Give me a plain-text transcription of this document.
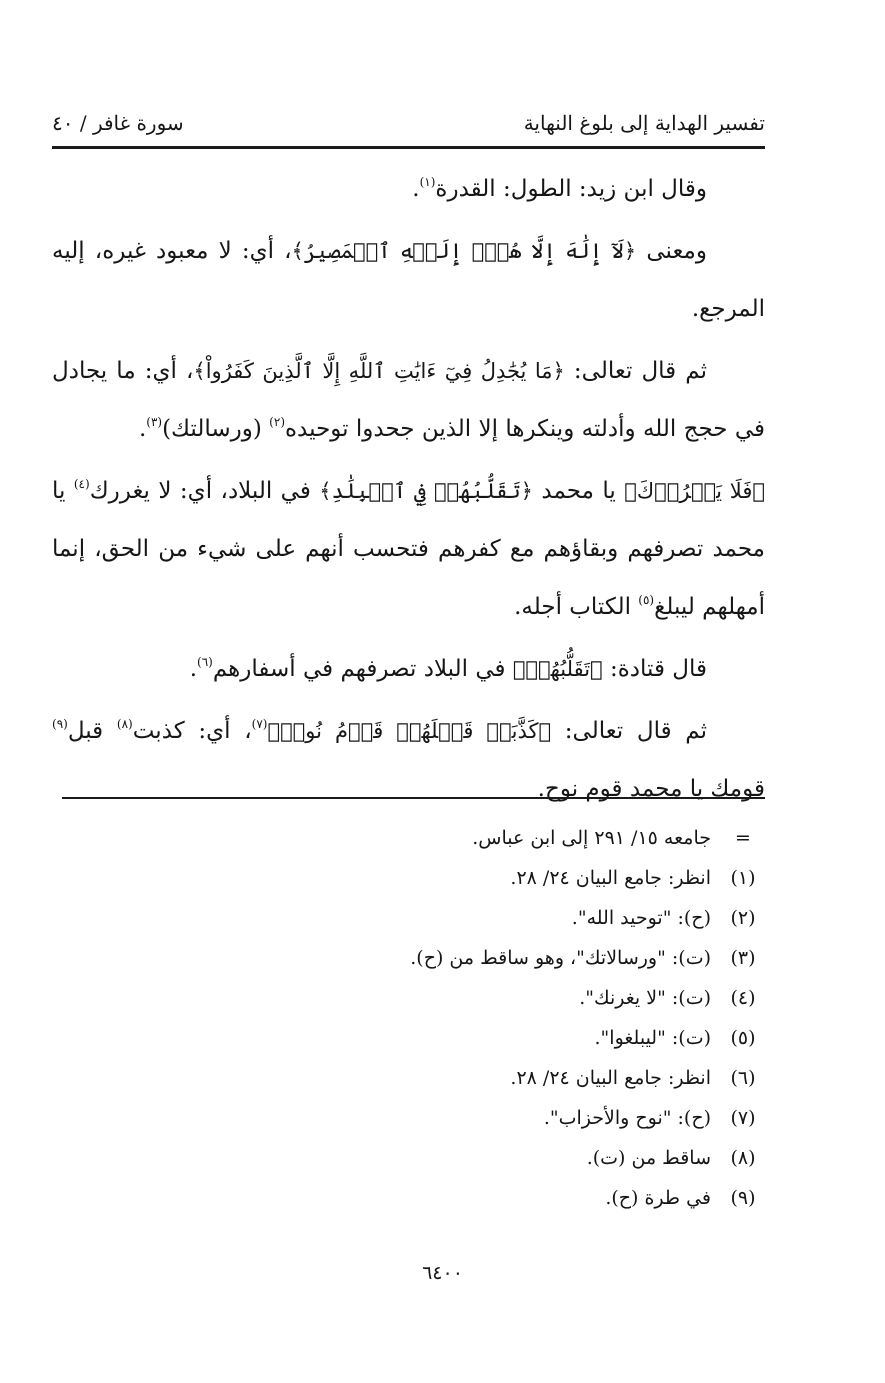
تفسير الهداية إلى بلوغ النهاية
سورة غافر / ٤٠

وقال ابن زيد: الطول: القدرة$^{(١)}$.

ومعنى ﴿لَآ إِلَٰهَ إِلَّا هُوَۖ إِلَيۡهِ ٱلۡمَصِيرُ﴾، أي: لا معبود غيره، إليه المرجع.

ثم قال تعالى: ﴿مَا يُجَٰدِلُ فِيٓ ءَايَٰتِ ٱللَّهِ إِلَّا ٱلَّذِينَ كَفَرُواْ﴾، أي: ما يجادل في حجج الله وأدلته وينكرها إلا الذين جحدوا توحيده$^{(٢)}$ (ورسالتك)$^{(٣)}$.

﴿فَلَا يَغۡرُرۡكَ﴾ يا محمد ﴿تَقَلُّبُهُمۡ فِي ٱلۡبِلَٰدِ﴾ في البلاد، أي: لا يغررك$^{(٤)}$ يا محمد تصرفهم وبقاؤهم مع كفرهم فتحسب أنهم على شيء من الحق، إنما أمهلهم ليبلغ$^{(٥)}$ الكتاب أجله.

قال قتادة: ﴿تَقَلُّبُهُمۡ﴾ في البلاد تصرفهم في أسفارهم$^{(٦)}$.

ثم قال تعالى: ﴿كَذَّبَتۡ قَبۡلَهُمۡ قَوۡمُ نُوحٖ﴾$^{(٧)}$، أي: كذبت$^{(٨)}$ قبل$^{(٩)}$ قومك يا محمد قوم نوح.

=
جامعه ١٥/ ٢٩١ إلى ابن عباس.
(١)
انظر: جامع البيان ٢٤/ ٢٨.
(٢)
(ح): "توحيد الله".
(٣)
(ت): "ورسالاتك"، وهو ساقط من (ح).
(٤)
(ت): "لا يغرنك".
(٥)
(ت): "ليبلغوا".
(٦)
انظر: جامع البيان ٢٤/ ٢٨.
(٧)
(ح): "نوح والأحزاب".
(٨)
ساقط من (ت).
(٩)
في طرة (ح).
٦٤٠٠
